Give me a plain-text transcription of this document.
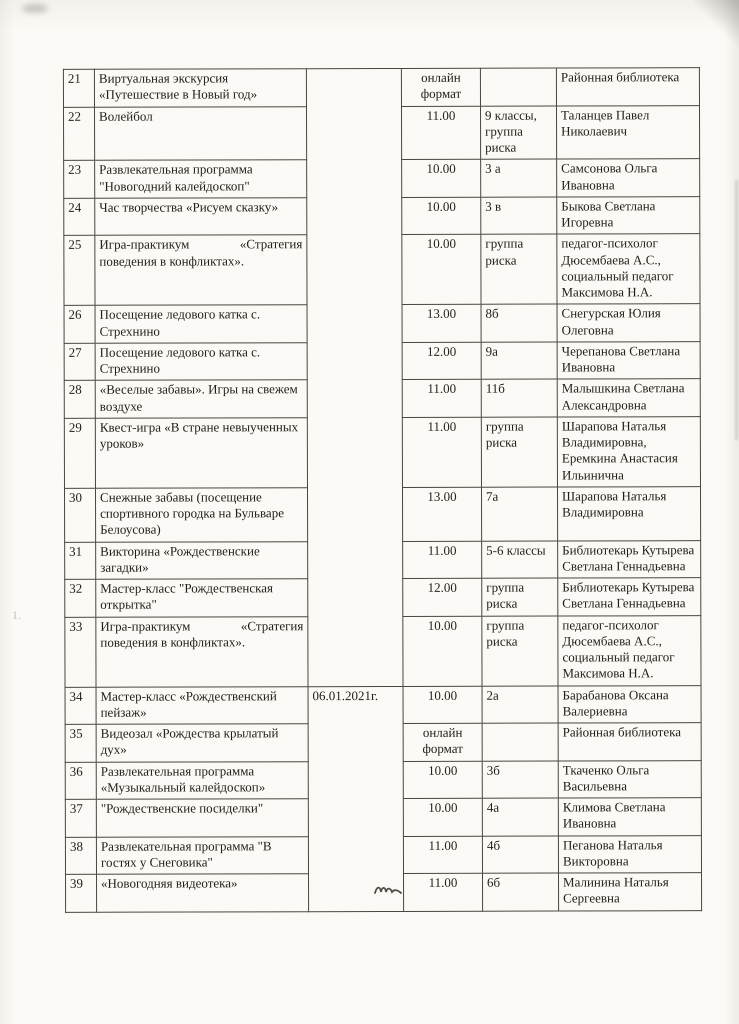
1.
21	Виртуальная экскурсия «Путешествие в Новый год»		онлайн формат		Районная библиотека
22	Волейбол		11.00	9 классы, группа риска	Таланцев Павел Николаевич
23	Развлекательная программа "Новогодний калейдоскоп"		10.00	3 а	Самсонова Ольга Ивановна
24	Час творчества «Рисуем сказку»		10.00	3 в	Быкова Светлана Игоревна
25	Игра-практикум «Стратегия поведения в конфликтах».		10.00	группа риска	педагог-психолог Дюсембаева А.С., социальный педагог Максимова Н.А.
26	Посещение ледового катка с. Стрехнино		13.00	8б	Снегурская Юлия Олеговна
27	Посещение ледового катка с. Стрехнино		12.00	9а	Черепанова Светлана Ивановна
28	«Веселые забавы». Игры на свежем воздухе		11.00	11б	Малышкина Светлана Александровна
29	Квест-игра «В стране невыученных уроков»		11.00	группа риска	Шарапова Наталья Владимировна, Еремкина Анастасия Ильинична
30	Снежные забавы (посещение спортивного городка на Бульваре Белоусова)		13.00	7а	Шарапова Наталья Владимировна
31	Викторина «Рождественские загадки»		11.00	5-6 классы	Библиотекарь Кутырева Светлана Геннадьевна
32	Мастер-класс "Рождественская открытка"		12.00	группа риска	Библиотекарь Кутырева Светлана Геннадьевна
33	Игра-практикум «Стратегия поведения в конфликтах».		10.00	группа риска	педагог-психолог Дюсембаева А.С., социальный педагог Максимова Н.А.
34	Мастер-класс «Рождественский пейзаж»	06.01.2021г.	10.00	2а	Барабанова Оксана Валериевна
35	Видеозал «Рождества крылатый дух»		онлайн формат		Районная библиотека
36	Развлекательная программа «Музыкальный калейдоскоп»		10.00	3б	Ткаченко Ольга Васильевна
37	"Рождественские посиделки"		10.00	4а	Климова Светлана Ивановна
38	Развлекательная программа "В гостях у Снеговика"		11.00	4б	Пеганова Наталья Викторовна
39	«Новогодняя видеотека»		11.00	6б	Малинина Наталья Сергеевна
